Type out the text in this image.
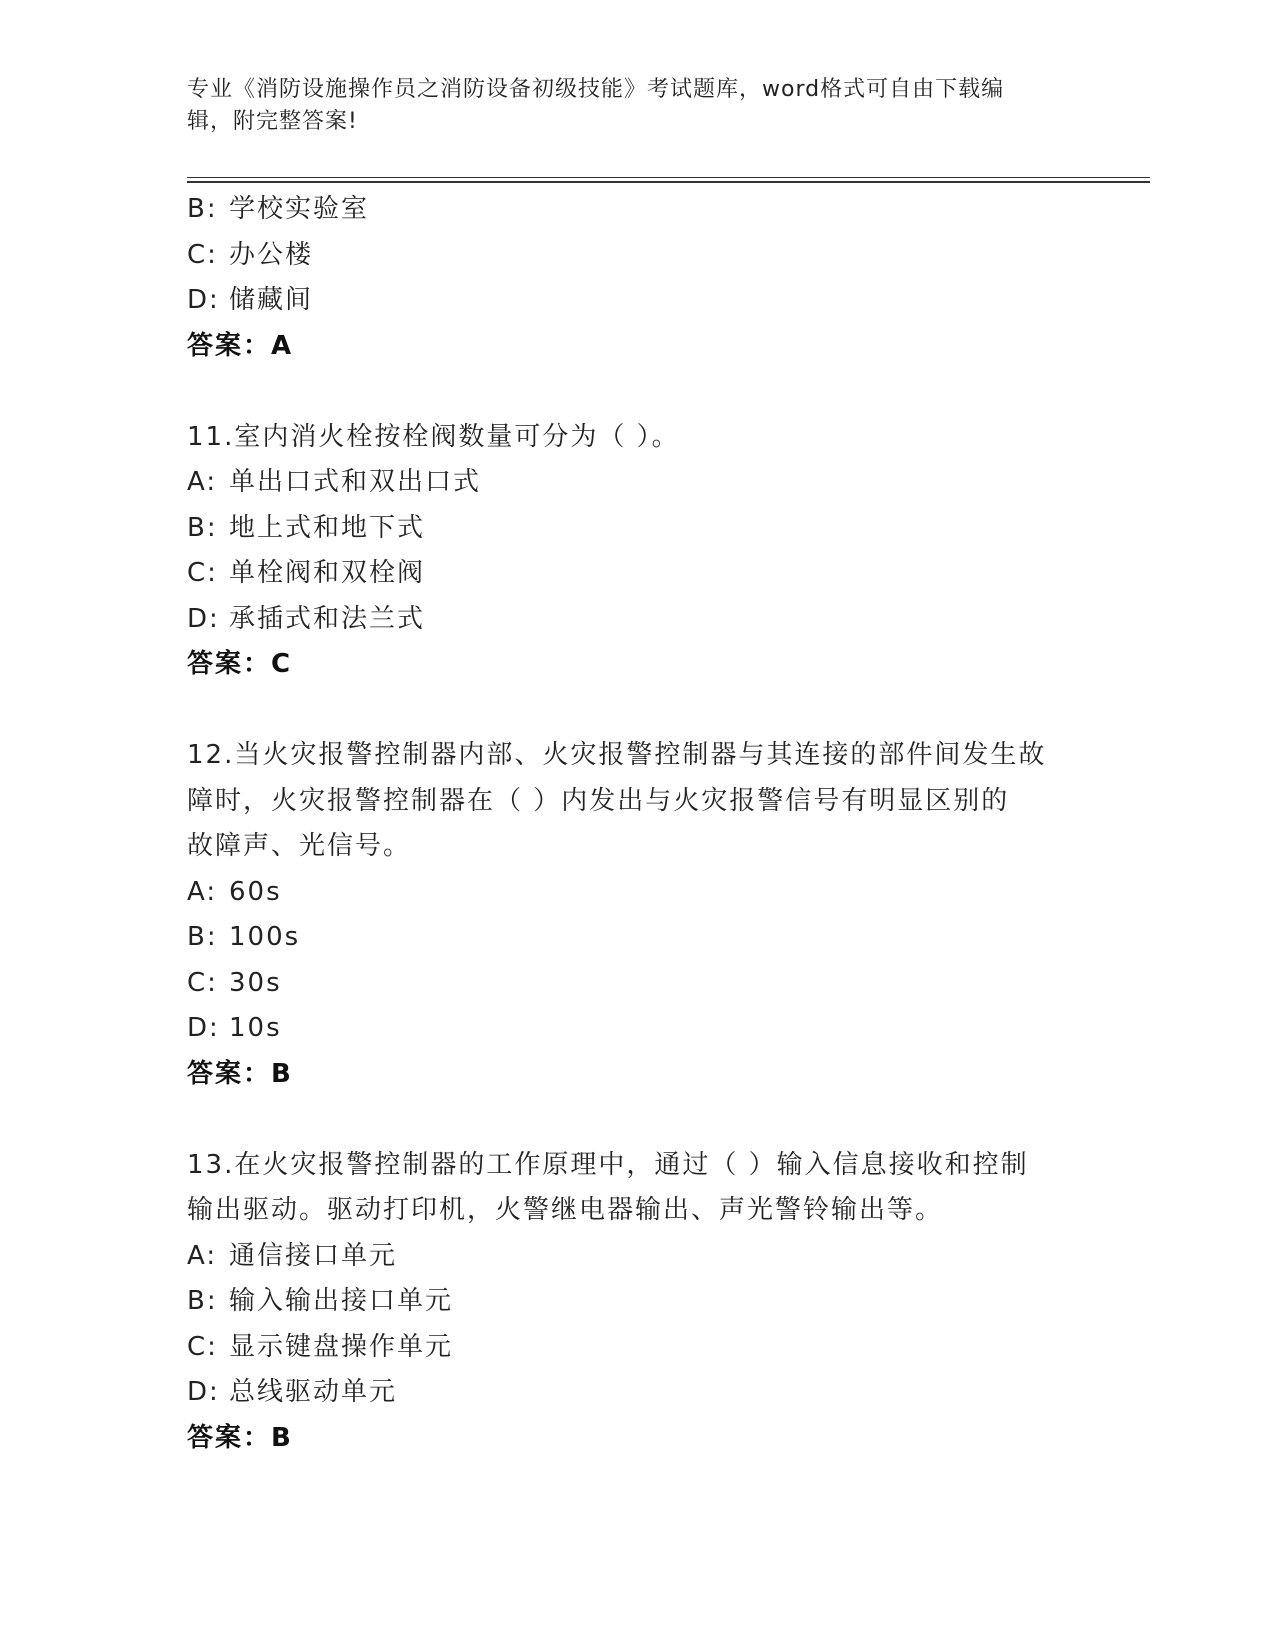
专业《消防设施操作员之消防设备初级技能》考试题库，word格式可自由下载编
辑，附完整答案!
B: 学校实验室
C: 办公楼
D: 储藏间
答案：A
11.室内消火栓按栓阀数量可分为（ ）。
A: 单出口式和双出口式
B: 地上式和地下式
C: 单栓阀和双栓阀
D: 承插式和法兰式
答案：C
12.当火灾报警控制器内部、火灾报警控制器与其连接的部件间发生故
障时，火灾报警控制器在（ ）内发出与火灾报警信号有明显区别的
故障声、光信号。
A: 60s
B: 100s
C: 30s
D: 10s
答案：B
13.在火灾报警控制器的工作原理中，通过（ ）输入信息接收和控制
输出驱动。驱动打印机，火警继电器输出、声光警铃输出等。
A: 通信接口单元
B: 输入输出接口单元
C: 显示键盘操作单元
D: 总线驱动单元
答案：B
